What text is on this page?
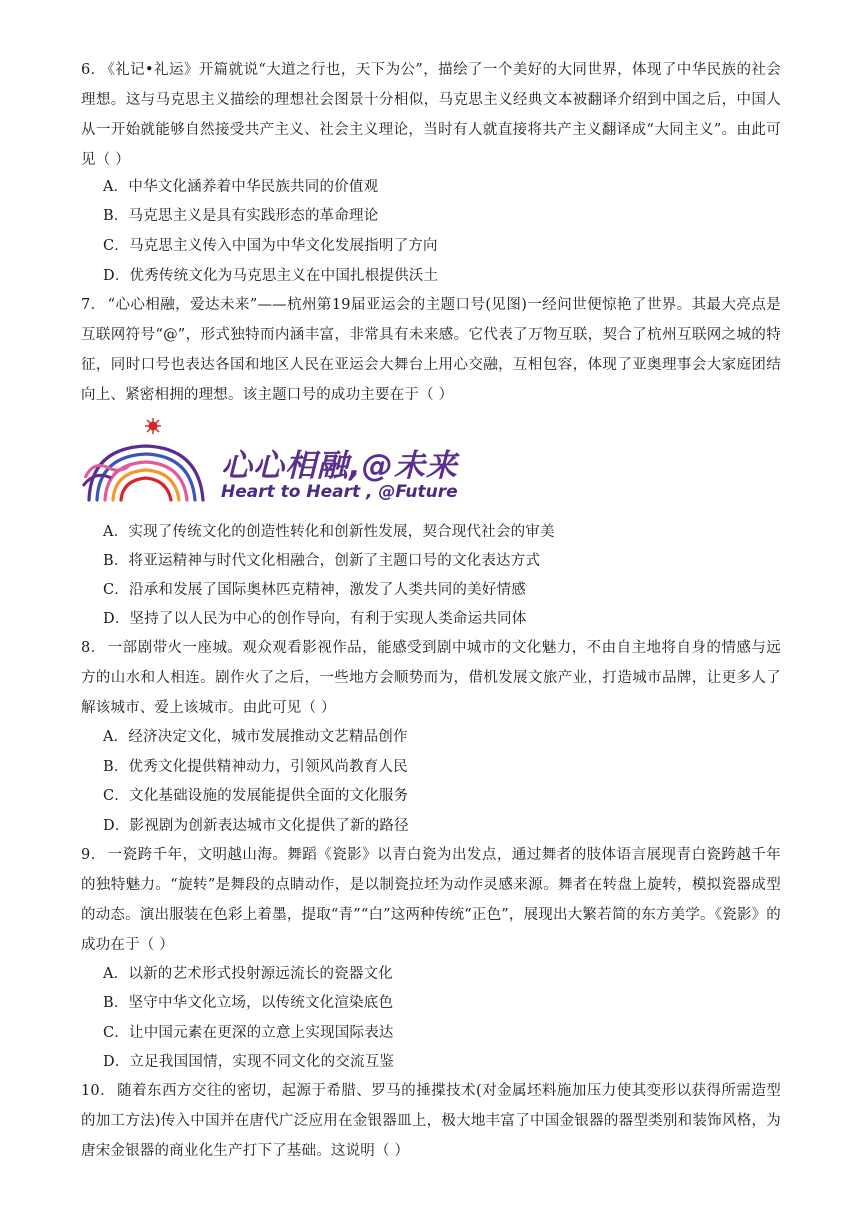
6． 《礼记•礼运》开篇就说“大道之行也，天下为公”，描绘了一个美好的大同世界，体现了中华民族的社会理想。这与马克思主义描绘的理想社会图景十分相似，马克思主义经典文本被翻译介绍到中国之后，中国人从一开始就能够自然接受共产主义、社会主义理论，当时有人就直接将共产主义翻译成“大同主义”。由此可见（ ）
A．中华文化涵养着中华民族共同的价值观
B．马克思主义是具有实践形态的革命理论
C．马克思主义传入中国为中华文化发展指明了方向
D．优秀传统文化为马克思主义在中国扎根提供沃土
7． “心心相融，爱达未来”——杭州第19届亚运会的主题口号(见图)一经问世便惊艳了世界。其最大亮点是互联网符号“@”，形式独特而内涵丰富，非常具有未来感。它代表了万物互联，契合了杭州互联网之城的特征，同时口号也表达各国和地区人民在亚运会大舞台上用心交融，互相包容，体现了亚奥理事会大家庭团结向上、紧密相拥的理想。该主题口号的成功主要在于（ ）
心心相融,@未来
Heart to Heart , @Future
A．实现了传统文化的创造性转化和创新性发展，契合现代社会的审美
B．将亚运精神与时代文化相融合，创新了主题口号的文化表达方式
C．沿承和发展了国际奥林匹克精神，激发了人类共同的美好情感
D．坚持了以人民为中心的创作导向，有利于实现人类命运共同体
8． 一部剧带火一座城。观众观看影视作品，能感受到剧中城市的文化魅力，不由自主地将自身的情感与远方的山水和人相连。剧作火了之后，一些地方会顺势而为，借机发展文旅产业，打造城市品牌，让更多人了解该城市、爱上该城市。由此可见（ ）
A．经济决定文化，城市发展推动文艺精品创作
B．优秀文化提供精神动力，引领风尚教育人民
C．文化基础设施的发展能提供全面的文化服务
D．影视剧为创新表达城市文化提供了新的路径
9． 一瓷跨千年，文明越山海。舞蹈《瓷影》以青白瓷为出发点，通过舞者的肢体语言展现青白瓷跨越千年的独特魅力。“旋转”是舞段的点睛动作，是以制瓷拉坯为动作灵感来源。舞者在转盘上旋转，模拟瓷器成型的动态。演出服装在色彩上着墨，提取“青”“白”这两种传统“正色”，展现出大繁若简的东方美学。《瓷影》的成功在于（ ）
A．以新的艺术形式投射源远流长的瓷器文化
B．坚守中华文化立场，以传统文化渲染底色
C．让中国元素在更深的立意上实现国际表达
D．立足我国国情，实现不同文化的交流互鉴
10． 随着东西方交往的密切，起源于希腊、罗马的捶揲技术(对金属坯料施加压力使其变形以获得所需造型的加工方法)传入中国并在唐代广泛应用在金银器皿上，极大地丰富了中国金银器的器型类别和装饰风格，为唐宋金银器的商业化生产打下了基础。这说明（ ）
